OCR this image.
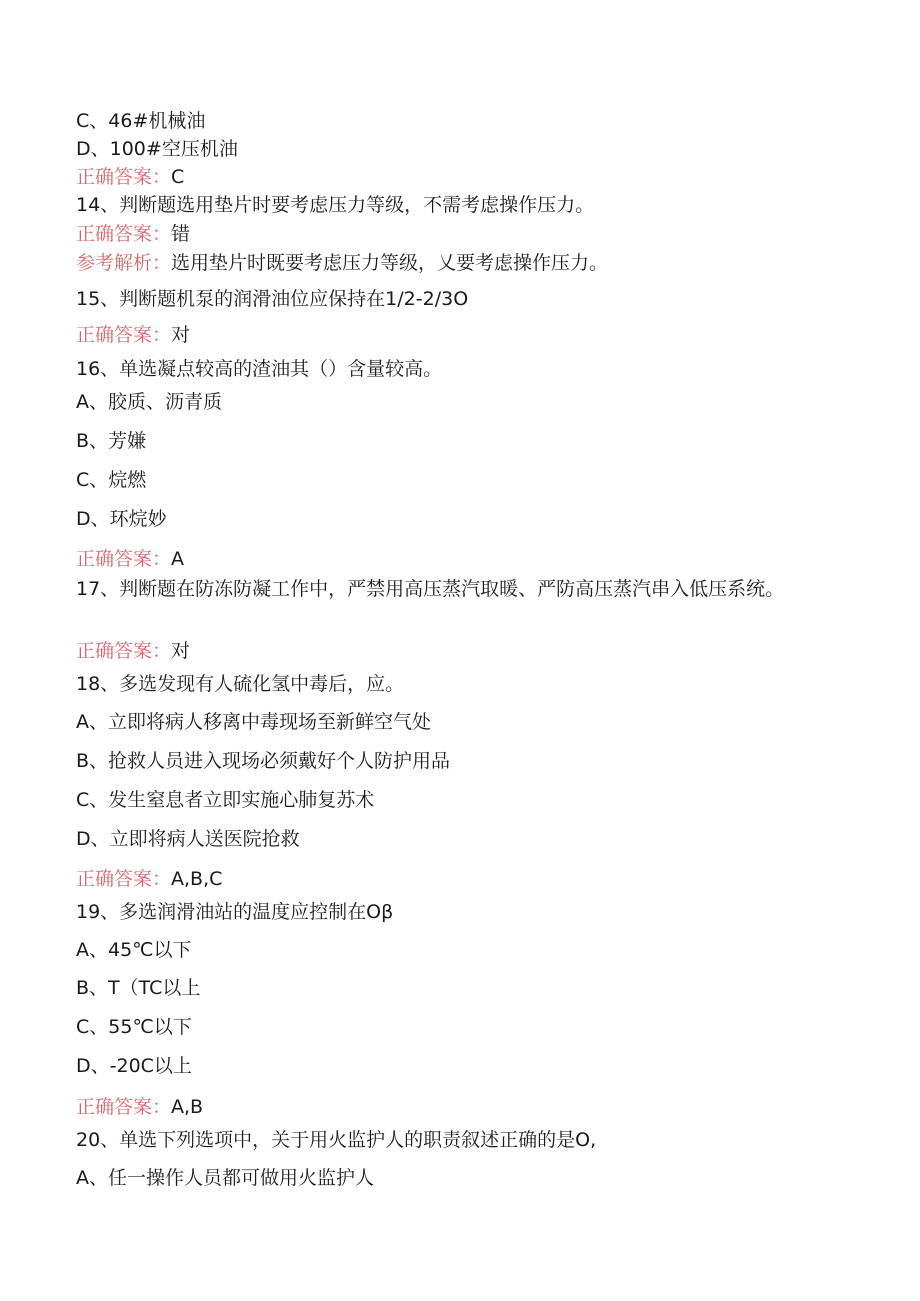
C、46#机械油
D、100#空压机油
正确答案：C
14、判断题选用垫片时要考虑压力等级，不需考虑操作压力。
正确答案：错
参考解析：选用垫片时既要考虑压力等级，乂要考虑操作压力。
15、判断题机泵的润滑油位应保持在1/2-2/3O
正确答案：对
16、单选凝点较高的渣油其（）含量较高。
A、胶质、沥青质
B、芳嫌
C、烷燃
D、环烷妙
正确答案：A
17、判断题在防冻防凝工作中，严禁用高压蒸汽取暖、严防高压蒸汽串入低压系统。
正确答案：对
18、多选发现有人硫化氢中毒后，应。
A、立即将病人移离中毒现场至新鲜空气处
B、抢救人员进入现场必须戴好个人防护用品
C、发生窒息者立即实施心肺复苏术
D、立即将病人送医院抢救
正确答案：A,B,C
19、多选润滑油站的温度应控制在Oβ
A、45℃以下
B、T（TC以上
C、55℃以下
D、-20C以上
正确答案：A,B
20、单选下列选项中，关于用火监护人的职责叙述正确的是O,
A、任一操作人员都可做用火监护人
